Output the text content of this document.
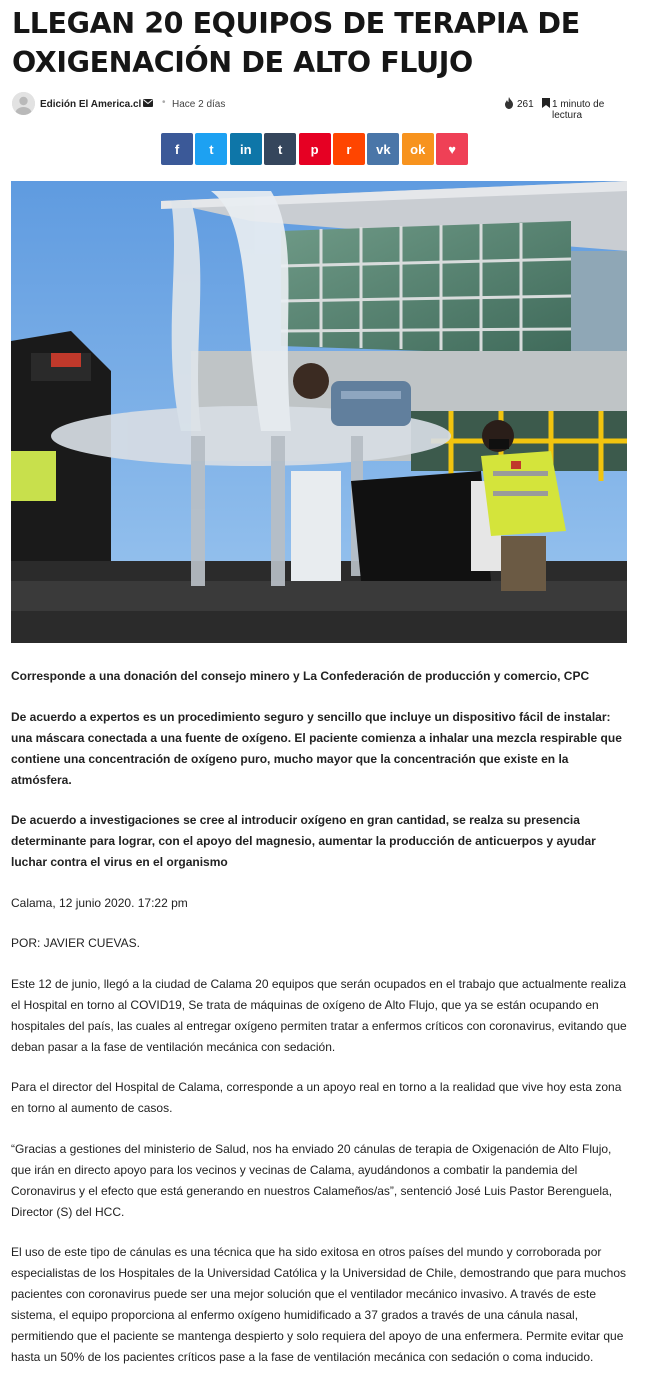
LLEGAN 20 EQUIPOS DE TERAPIA DE OXIGENACIÓN DE ALTO FLUJO
Edición El America.cl • Hace 2 días	261 1 minuto de lectura
f t in t p r vk ok ♥

Corresponde a una donación del consejo minero y La Confederación de producción y comercio, CPC

De acuerdo a expertos es un procedimiento seguro y sencillo que incluye un dispositivo fácil de instalar: una máscara conectada a una fuente de oxígeno. El paciente comienza a inhalar una mezcla respirable que contiene una concentración de oxígeno puro, mucho mayor que la concentración que existe en la atmósfera.

De acuerdo a investigaciones se cree al introducir oxígeno en gran cantidad, se realza su presencia determinante para lograr, con el apoyo del magnesio, aumentar la producción de anticuerpos y ayudar luchar contra el virus en el organismo

Calama, 12 junio 2020. 17:22 pm

POR: JAVIER CUEVAS.

Este 12 de junio, llegó a la ciudad de Calama 20 equipos que serán ocupados en el trabajo que actualmente realiza el Hospital en torno al COVID19, Se trata de máquinas de oxígeno de Alto Flujo, que ya se están ocupando en hospitales del país, las cuales al entregar oxígeno permiten tratar a enfermos críticos con coronavirus, evitando que deban pasar a la fase de ventilación mecánica con sedación.

Para el director del Hospital de Calama, corresponde a un apoyo real en torno a la realidad que vive hoy esta zona en torno al aumento de casos.

“Gracias a gestiones del ministerio de Salud, nos ha enviado 20 cánulas de terapia de Oxigenación de Alto Flujo, que irán en directo apoyo para los vecinos y vecinas de Calama, ayudándonos a combatir la pandemia del Coronavirus y el efecto que está generando en nuestros Calameños/as”, sentenció José Luis Pastor Berenguela, Director (S) del HCC.

El uso de este tipo de cánulas es una técnica que ha sido exitosa en otros países del mundo y corroborada por especialistas de los Hospitales de la Universidad Católica y la Universidad de Chile, demostrando que para muchos pacientes con coronavirus puede ser una mejor solución que el ventilador mecánico invasivo. A través de este sistema, el equipo proporciona al enfermo oxígeno humidificado a 37 grados a través de una cánula nasal, permitiendo que el paciente se mantenga despierto y solo requiera del apoyo de una enfermera. Permite evitar que hasta un 50% de los pacientes críticos pase a la fase de ventilación mecánica con sedación o coma inducido.
